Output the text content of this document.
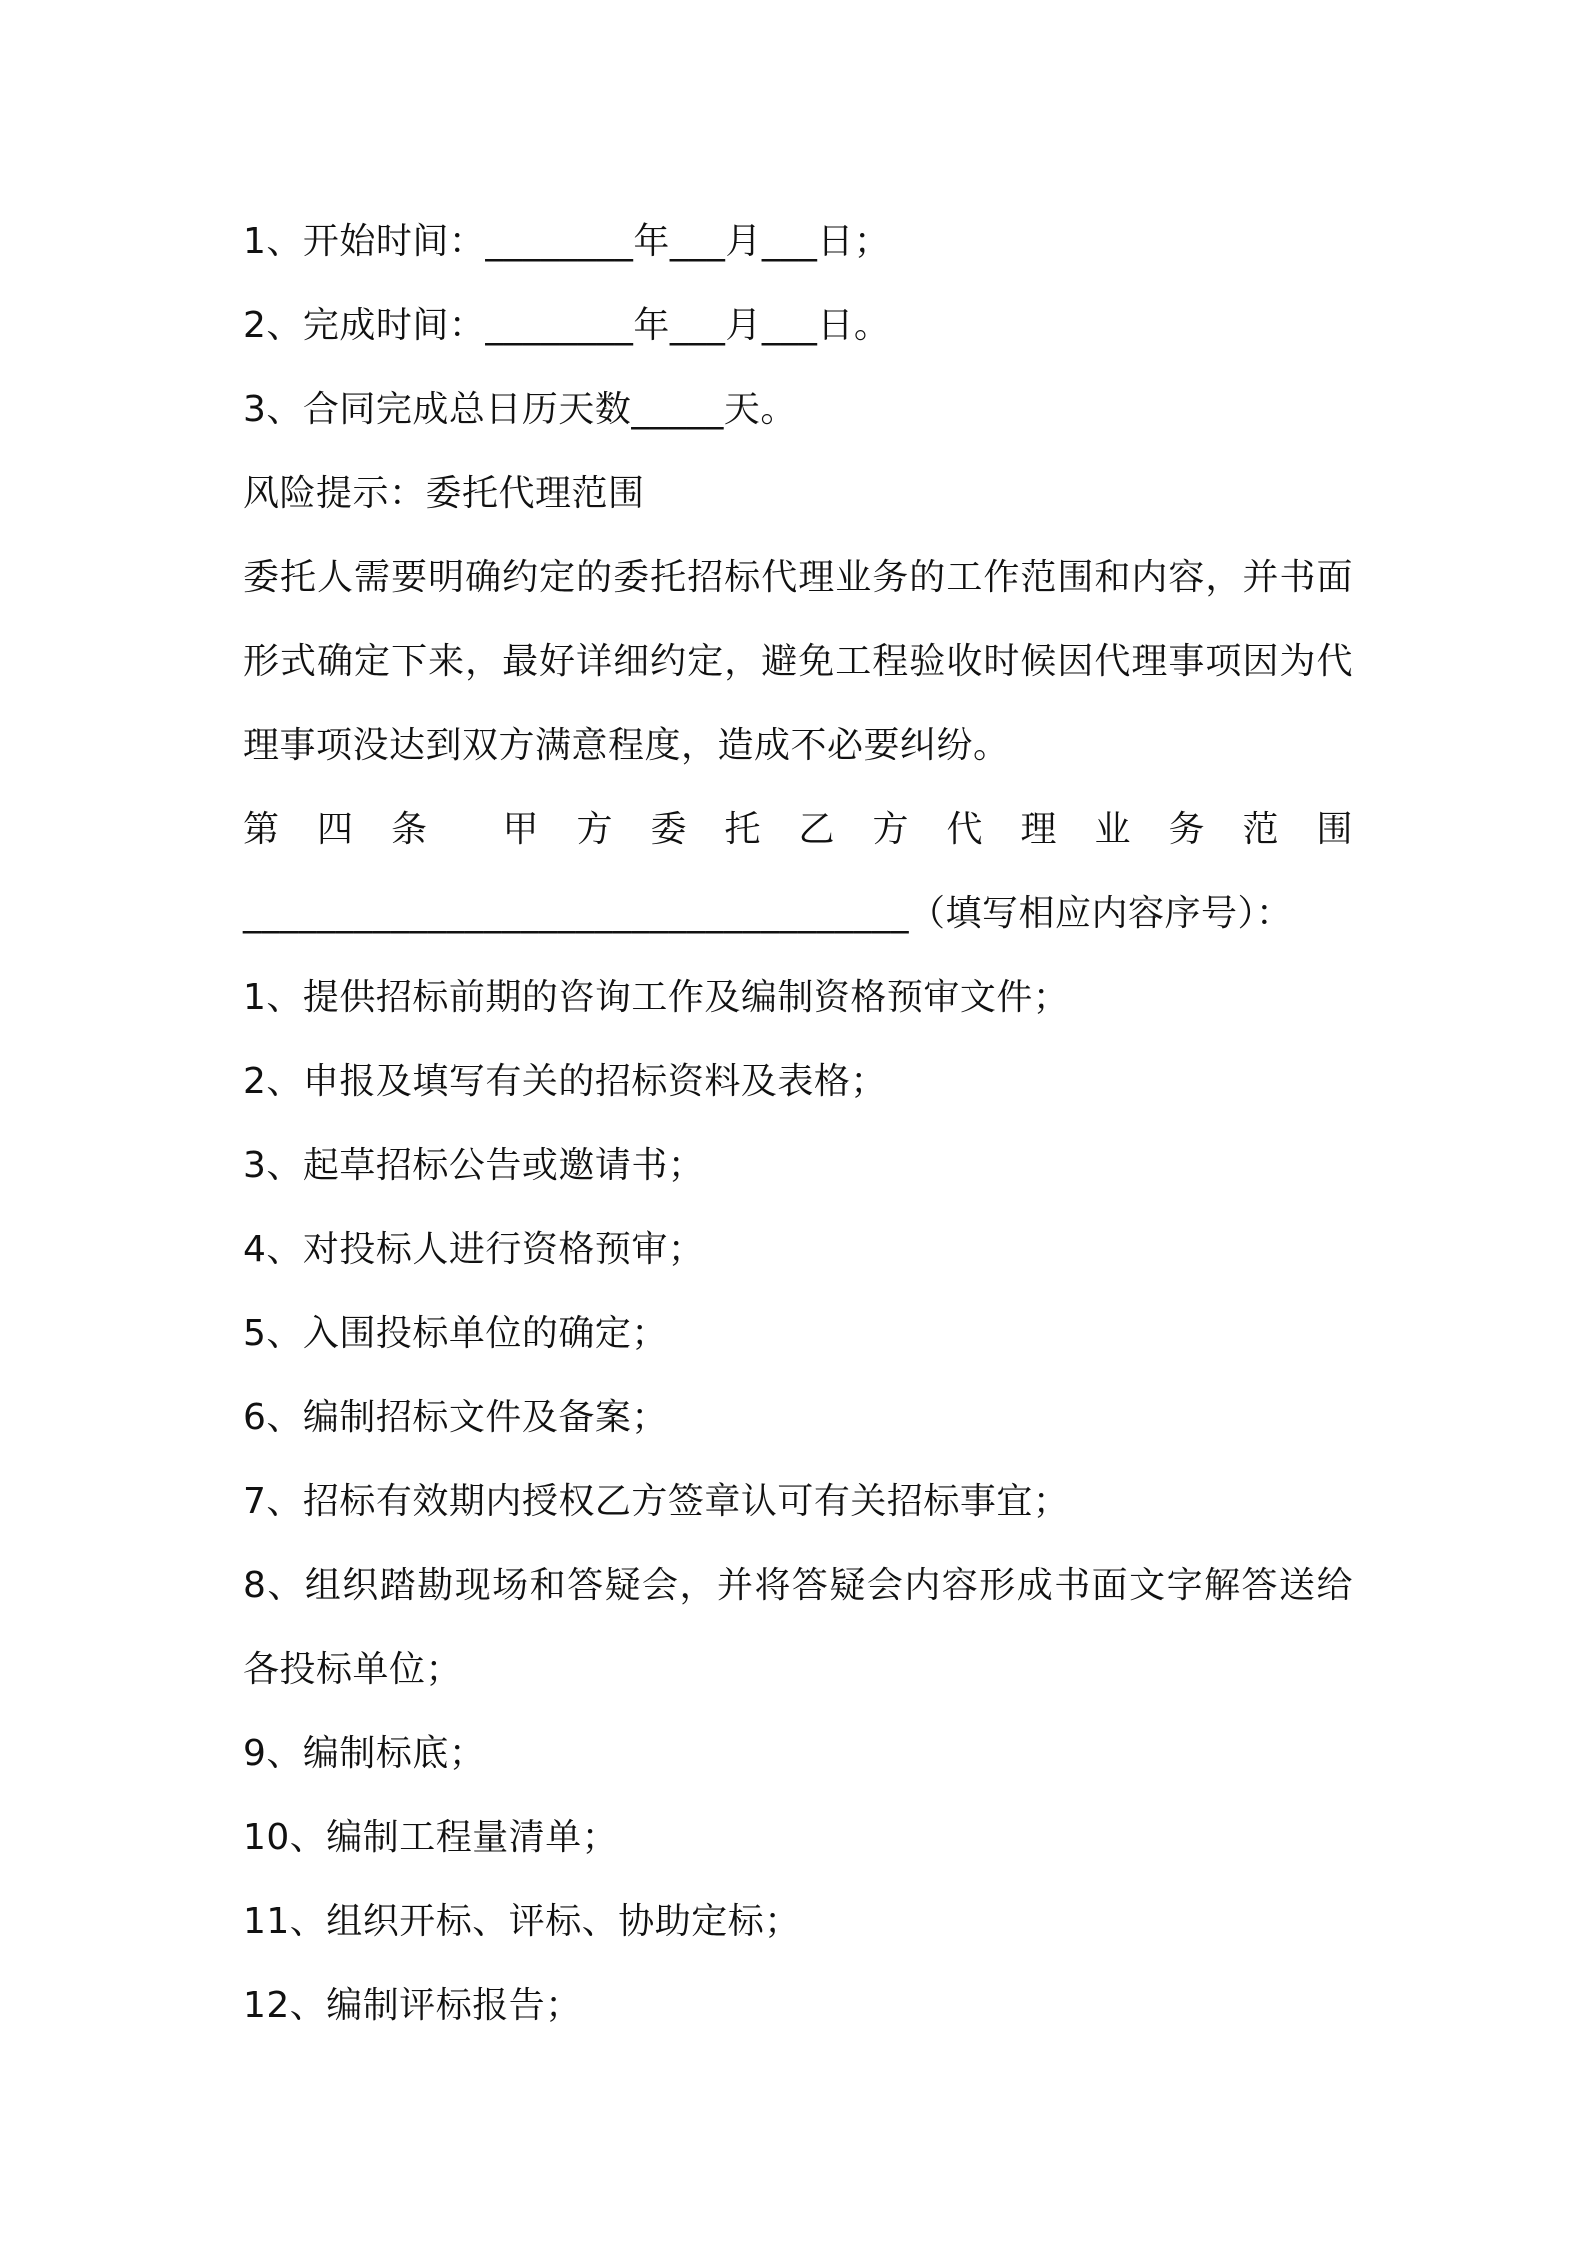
1、开始时间：________年___月___日；
2、完成时间：________年___月___日。
3、合同完成总日历天数_____天。
风险提示：委托代理范围
委托人需要明确约定的委托招标代理业务的工作范围和内容，并书面
形式确定下来，最好详细约定，避免工程验收时候因代理事项因为代
理事项没达到双方满意程度，造成不必要纠纷。
第 四 条 甲 方 委 托 乙 方 代 理 业 务 范 围
____________________________________（填写相应内容序号）：
1、提供招标前期的咨询工作及编制资格预审文件；
2、申报及填写有关的招标资料及表格；
3、起草招标公告或邀请书；
4、对投标人进行资格预审；
5、入围投标单位的确定；
6、编制招标文件及备案；
7、招标有效期内授权乙方签章认可有关招标事宜；
8、组织踏勘现场和答疑会，并将答疑会内容形成书面文字解答送给
各投标单位；
9、编制标底；
10、编制工程量清单；
11、组织开标、评标、协助定标；
12、编制评标报告；
